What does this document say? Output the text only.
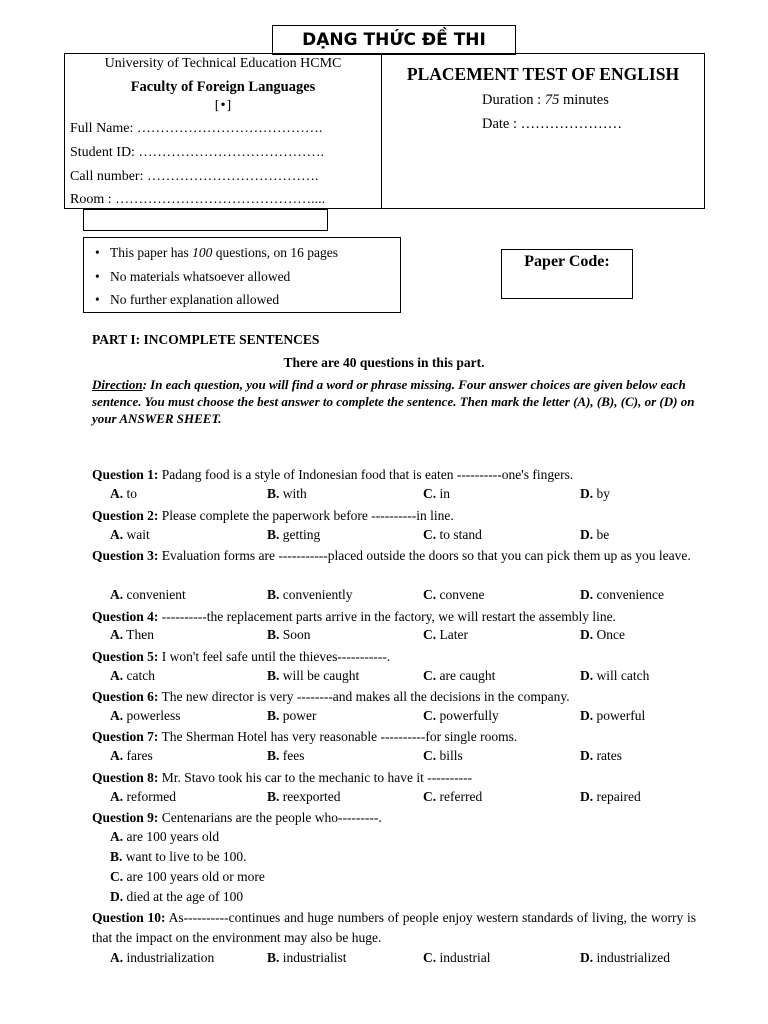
DẠNG THỨC ĐỀ THI
University of Technical Education HCMC
Faculty of Foreign Languages
[•]
Full Name: ………………………………….
Student ID: ………………………………….
Call number: ……………………………….
Room : ……………………………………....
PLACEMENT TEST OF ENGLISH
Duration : 75 minutes
Date : …………………
• This paper has 100 questions, on 16 pages
• No materials whatsoever allowed
• No further explanation allowed
Paper Code:
PART I: INCOMPLETE SENTENCES
There are 40 questions in this part.
Direction: In each question, you will find a word or phrase missing. Four answer choices are given below each sentence. You must choose the best answer to complete the sentence. Then mark the letter (A), (B), (C), or (D) on your ANSWER SHEET.
Question 1: Padang food is a style of Indonesian food that is eaten ----------one's fingers.
A. to	B. with	C. in	D. by
Question 2: Please complete the paperwork before ----------in line.
A. wait	B. getting	C. to stand	D. be
Question 3: Evaluation forms are -----------placed outside the doors so that you can pick them up as you leave.
A. convenient	B. conveniently	C. convene	D. convenience
Question 4: ----------the replacement parts arrive in the factory, we will restart the assembly line.
A. Then	B. Soon	C. Later	D. Once
Question 5: I won't feel safe until the thieves-----------.
A. catch	B. will be caught	C. are caught	D. will catch
Question 6: The new director is very --------and makes all the decisions in the company.
A. powerless	B. power	C. powerfully	D. powerful
Question 7: The Sherman Hotel has very reasonable ----------for single rooms.
A. fares	B. fees	C. bills	D. rates
Question 8: Mr. Stavo took his car to the mechanic to have it ----------
A. reformed	B. reexported	C. referred	D. repaired
Question 9: Centenarians are the people who---------.
A. are 100 years old
B. want to live to be 100.
C. are 100 years old or more
D. died at the age of 100
Question 10: As----------continues and huge numbers of people enjoy western standards of living, the worry is that the impact on the environment may also be huge.
A. industrialization	B. industrialist	C. industrial	D. industrialized
